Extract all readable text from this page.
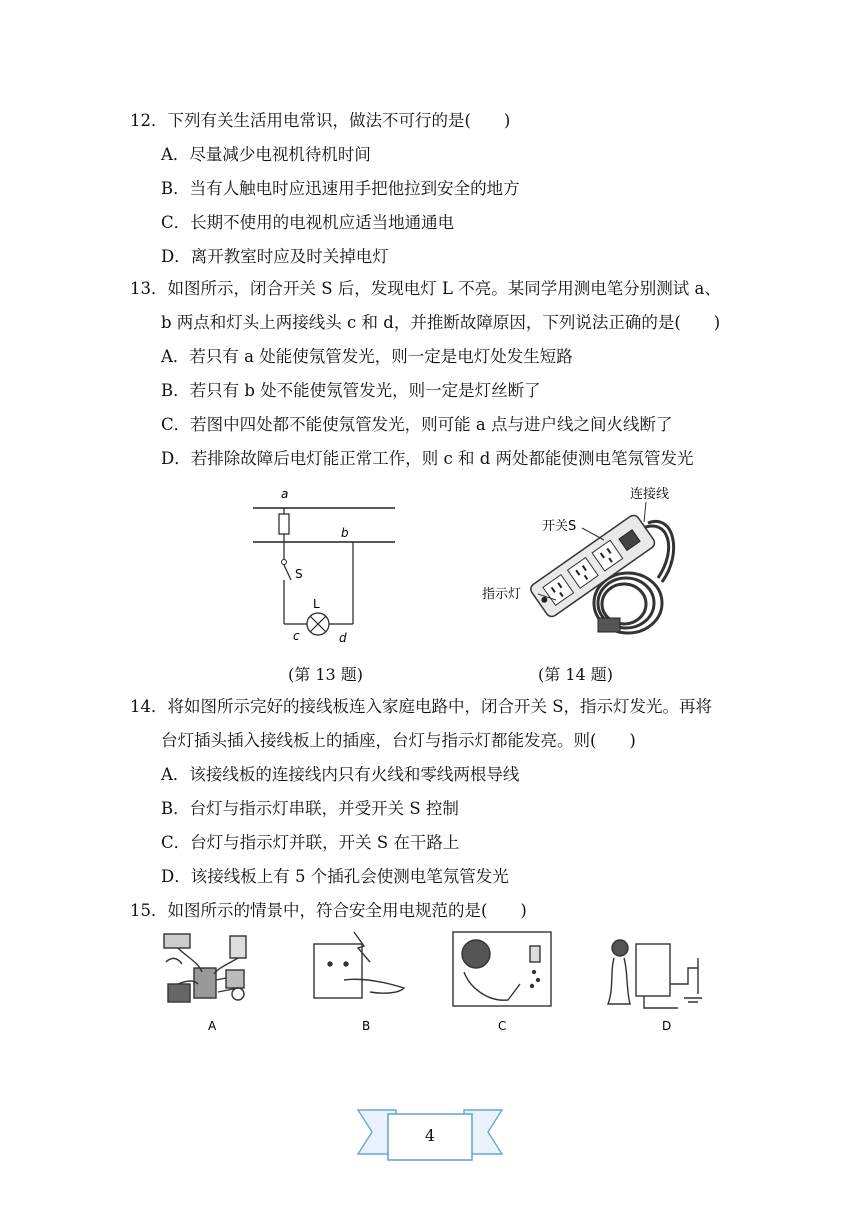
12．下列有关生活用电常识，做法不可行的是(　　)
A．尽量减少电视机待机时间
B．当有人触电时应迅速用手把他拉到安全的地方
C．长期不使用的电视机应适当地通通电
D．离开教室时应及时关掉电灯
13．如图所示，闭合开关 S 后，发现电灯 L 不亮。某同学用测电笔分别测试 a、
b 两点和灯头上两接线头 c 和 d，并推断故障原因，下列说法正确的是(　　)
A．若只有 a 处能使氖管发光，则一定是电灯处发生短路
B．若只有 b 处不能使氖管发光，则一定是灯丝断了
C．若图中四处都不能使氖管发光，则可能 a 点与进户线之间火线断了
D．若排除故障后电灯能正常工作，则 c 和 d 两处都能使测电笔氖管发光
a
b
S
L
c	d
(第 13 题)
连接线
开关S
指示灯
(第 14 题)
14．将如图所示完好的接线板连入家庭电路中，闭合开关 S，指示灯发光。再将
台灯插头插入接线板上的插座，台灯与指示灯都能发亮。则(　　)
A．该接线板的连接线内只有火线和零线两根导线
B．台灯与指示灯串联，并受开关 S 控制
C．台灯与指示灯并联，开关 S 在干路上
D．该接线板上有 5 个插孔会使测电笔氖管发光
15．如图所示的情景中，符合安全用电规范的是(　　)
A	B	C	D
4
